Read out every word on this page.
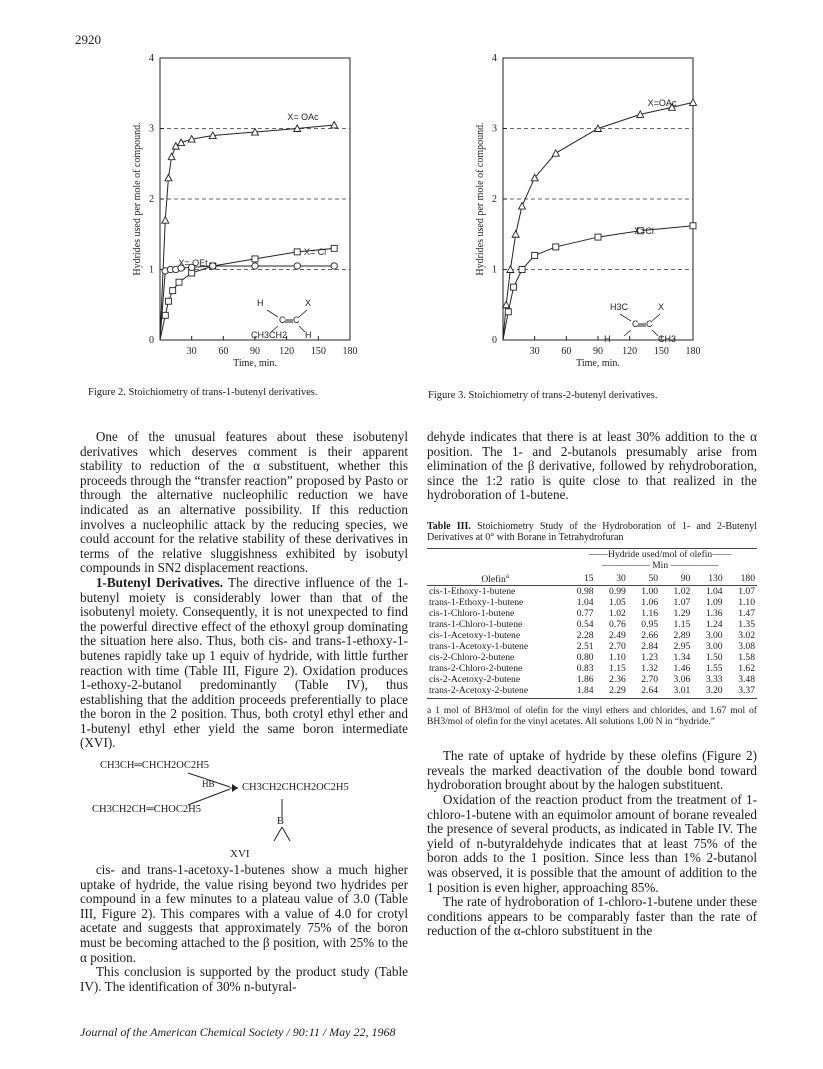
2920
30 60 90 120 150 180
0
1
2
3
4
Time, min.
Hydrides used per mole of compound.
X= OAc
X= Cl
X= OEt
H	X
C C
CH3CH2 H
Figure 2. Stoichiometry of trans-1-butenyl derivatives.
30 60 90 120 150 180
0
1
2
3
4
Time, min.
Hydrides used per mole of compound.
X=OAc
X=Cl
H3C	X
C C
H	CH3
Figure 3. Stoichiometry of trans-2-butenyl derivatives.

One of the unusual features about these isobutenyl derivatives which deserves comment is their apparent stability to reduction of the α substituent, whether this proceeds through the “transfer reaction” proposed by Pasto or through the alternative nucleophilic reduction we have indicated as an alternative possibility. If this reduction involves a nucleophilic attack by the reducing species, we could account for the relative stability of these derivatives in terms of the relative sluggishness exhibited by isobutyl compounds in SN2 displacement reactions.

1-Butenyl Derivatives. The directive influence of the 1-butenyl moiety is considerably lower than that of the isobutenyl moiety. Consequently, it is not unexpected to find the powerful directive effect of the ethoxyl group dominating the situation here also. Thus, both cis- and trans-1-ethoxy-1-butenes rapidly take up 1 equiv of hydride, with little further reaction with time (Table III, Figure 2). Oxidation produces 1-ethoxy-2-butanol predominantly (Table IV), thus establishing that the addition proceeds preferentially to place the boron in the 2 position. Thus, both crotyl ethyl ether and 1-butenyl ethyl ether yield the same boron intermediate (XVI).

CH3CH═CHCH2OC2H5
CH3CH2CH═CHOC2H5
HB	CH3CH2CHCH2OC2H5
B
XVI

cis- and trans-1-acetoxy-1-butenes show a much higher uptake of hydride, the value rising beyond two hydrides per compound in a few minutes to a plateau value of 3.0 (Table III, Figure 2). This compares with a value of 4.0 for crotyl acetate and suggests that approximately 75% of the boron must be becoming attached to the β position, with 25% to the α position.

This conclusion is supported by the product study (Table IV). The identification of 30% n-butyral-

dehyde indicates that there is at least 30% addition to the α position. The 1- and 2-butanols presumably arise from elimination of the β derivative, followed by rehydroboration, since the 1:2 ratio is quite close to that realized in the hydroboration of 1-butene.

Table III. Stoichiometry Study of the Hydroboration of 1- and 2-Butenyl Derivatives at 0° with Borane in Tetrahydrofuran
	——Hydride used/mol of olefin——					
	————— Min —————					
Olefin$^a$	15	30	50	90	130	180
cis-1-Ethoxy-1-butene	0.98	0.99	1.00	1.02	1.04	1.07
trans-1-Ethoxy-1-butene	1.04	1.05	1.06	1.07	1.09	1.10
cis-1-Chloro-1-butene	0.77	1.02	1.16	1.29	1.36	1.47
trans-1-Chloro-1-butene	0.54	0.76	0.95	1.15	1.24	1.35
cis-1-Acetoxy-1-butene	2.28	2.49	2.66	2.89	3.00	3.02
trans-1-Acetoxy-1-butene	2.51	2.70	2.84	2.95	3.00	3.08
cis-2-Chloro-2-butene	0.80	1.10	1.23	1.34	1.50	1.58
trans-2-Chloro-2-butene	0.83	1.15	1.32	1.46	1.55	1.62
cis-2-Acetoxy-2-butene	1.86	2.36	2.70	3.06	3.33	3.48
trans-2-Acetoxy-2-butene	1.84	2.29	2.64	3.01	3.20	3.37
a 1 mol of BH3/mol of olefin for the vinyl ethers and chlorides, and 1.67 mol of BH3/mol of olefin for the vinyl acetates. All solutions 1.00 N in “hydride.”

The rate of uptake of hydride by these olefins (Figure 2) reveals the marked deactivation of the double bond toward hydroboration brought about by the halogen substituent.

Oxidation of the reaction product from the treatment of 1-chloro-1-butene with an equimolor amount of borane revealed the presence of several products, as indicated in Table IV. The yield of n-butyraldehyde indicates that at least 75% of the boron adds to the 1 position. Since less than 1% 2-butanol was observed, it is possible that the amount of addition to the 1 position is even higher, approaching 85%.

The rate of hydroboration of 1-chloro-1-butene under these conditions appears to be comparably faster than the rate of reduction of the α-chloro substituent in the

Journal of the American Chemical Society / 90:11 / May 22, 1968
